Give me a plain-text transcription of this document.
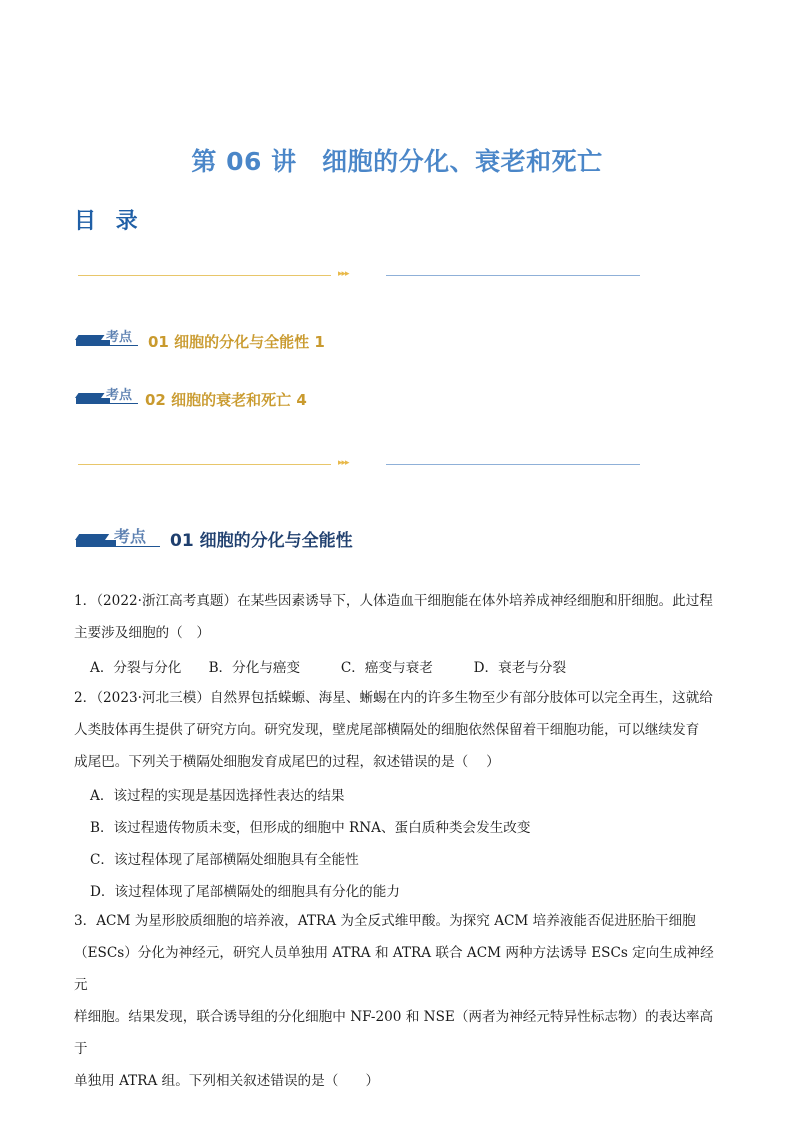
第 06 讲　细胞的分化、衰老和死亡
目 录
▸▸▸
考点 01 细胞的分化与全能性 1
考点 02 细胞的衰老和死亡 4
▸▸▸
考点 01 细胞的分化与全能性

1．（2022·浙江高考真题）在某些因素诱导下，人体造血干细胞能在体外培养成神经细胞和肝细胞。此过程

主要涉及细胞的（　）

A．分裂与分化　　B．分化与癌变　　　C．癌变与衰老　　　D．衰老与分裂

2．（2023·河北三模）自然界包括蝾螈、海星、蜥蜴在内的许多生物至少有部分肢体可以完全再生，这就给

人类肢体再生提供了研究方向。研究发现，壁虎尾部横隔处的细胞依然保留着干细胞功能，可以继续发育

成尾巴。下列关于横隔处细胞发育成尾巴的过程，叙述错误的是（　 ）

A．该过程的实现是基因选择性表达的结果
B．该过程遗传物质未变，但形成的细胞中 RNA、蛋白质种类会发生改变
C．该过程体现了尾部横隔处细胞具有全能性
D．该过程体现了尾部横隔处的细胞具有分化的能力

3．ACM 为星形胶质细胞的培养液，ATRA 为全反式维甲酸。为探究 ACM 培养液能否促进胚胎干细胞

（ESCs）分化为神经元，研究人员单独用 ATRA 和 ATRA 联合 ACM 两种方法诱导 ESCs 定向生成神经元

样细胞。结果发现，联合诱导组的分化细胞中 NF-200 和 NSE（两者为神经元特异性标志物）的表达率高于

单独用 ATRA 组。下列相关叙述错误的是（　　）
